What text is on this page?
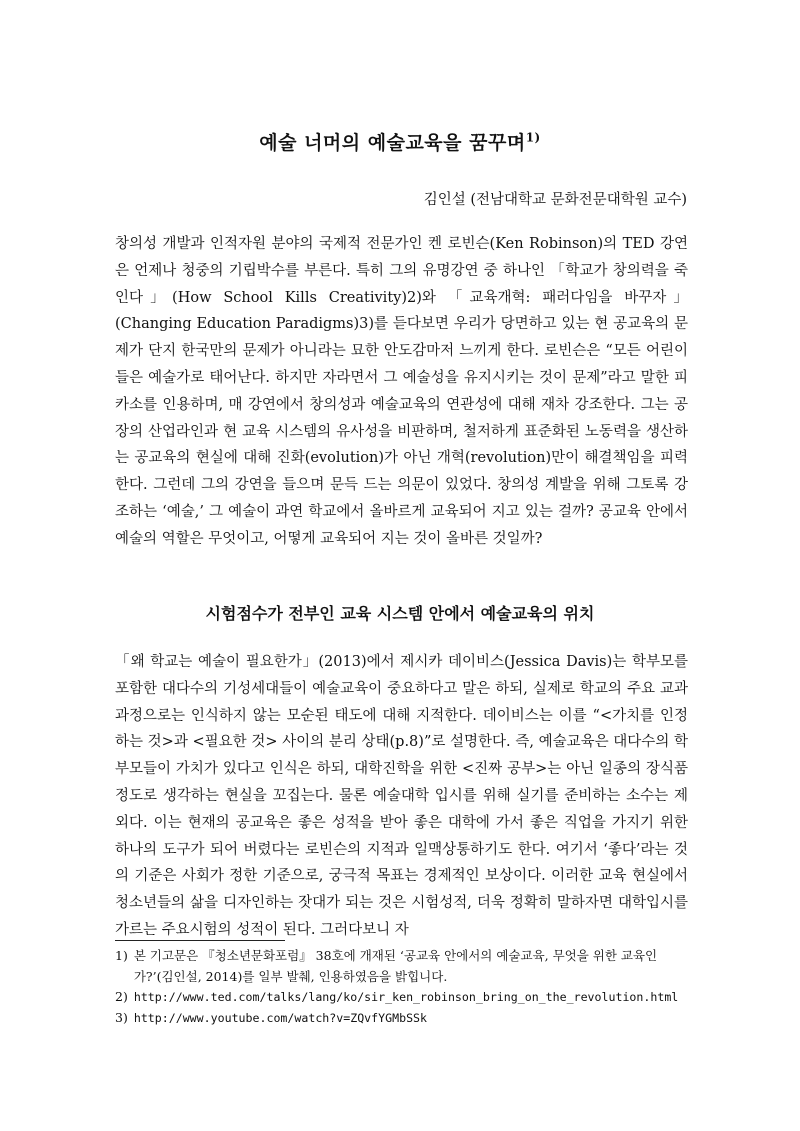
예술 너머의 예술교육을 꿈꾸며$^{1)}$
김인설 (전남대학교 문화전문대학원 교수)

창의성 개발과 인적자원 분야의 국제적 전문가인 켄 로빈슨(Ken Robinson)의 TED 강연은 언제나 청중의 기립박수를 부른다. 특히 그의 유명강연 중 하나인 「학교가 창의력을 죽인다」(How School Kills Creativity)2)와 「교육개혁: 패러다임을 바꾸자」(Changing Education Paradigms)3)를 듣다보면 우리가 당면하고 있는 현 공교육의 문제가 단지 한국만의 문제가 아니라는 묘한 안도감마저 느끼게 한다. 로빈슨은 “모든 어린이들은 예술가로 태어난다. 하지만 자라면서 그 예술성을 유지시키는 것이 문제”라고 말한 피카소를 인용하며, 매 강연에서 창의성과 예술교육의 연관성에 대해 재차 강조한다. 그는 공장의 산업라인과 현 교육 시스템의 유사성을 비판하며, 철저하게 표준화된 노동력을 생산하는 공교육의 현실에 대해 진화(evolution)가 아닌 개혁(revolution)만이 해결책임을 피력한다. 그런데 그의 강연을 들으며 문득 드는 의문이 있었다. 창의성 계발을 위해 그토록 강조하는 ‘예술,’ 그 예술이 과연 학교에서 올바르게 교육되어 지고 있는 걸까? 공교육 안에서 예술의 역할은 무엇이고, 어떻게 교육되어 지는 것이 올바른 것일까?

시험점수가 전부인 교육 시스템 안에서 예술교육의 위치

「왜 학교는 예술이 필요한가」(2013)에서 제시카 데이비스(Jessica Davis)는 학부모를 포함한 대다수의 기성세대들이 예술교육이 중요하다고 말은 하되, 실제로 학교의 주요 교과과정으로는 인식하지 않는 모순된 태도에 대해 지적한다. 데이비스는 이를 “<가치를 인정하는 것>과 <필요한 것> 사이의 분리 상태(p.8)”로 설명한다. 즉, 예술교육은 대다수의 학부모들이 가치가 있다고 인식은 하되, 대학진학을 위한 <진짜 공부>는 아닌 일종의 장식품 정도로 생각하는 현실을 꼬집는다. 물론 예술대학 입시를 위해 실기를 준비하는 소수는 제외다. 이는 현재의 공교육은 좋은 성적을 받아 좋은 대학에 가서 좋은 직업을 가지기 위한 하나의 도구가 되어 버렸다는 로빈슨의 지적과 일맥상통하기도 한다. 여기서 ‘좋다’라는 것의 기준은 사회가 정한 기준으로, 궁극적 목표는 경제적인 보상이다. 이러한 교육 현실에서 청소년들의 삶을 디자인하는 잣대가 되는 것은 시험성적, 더욱 정확히 말하자면 대학입시를 가르는 주요시험의 성적이 된다. 그러다보니 자

1) 본 기고문은 『청소년문화포럼』 38호에 개재된 ‘공교육 안에서의 예술교육, 무엇을 위한 교육인가?’(김인설, 2014)를 일부 발췌, 인용하였음을 밝힙니다.
2) http://www.ted.com/talks/lang/ko/sir_ken_robinson_bring_on_the_revolution.html
3) http://www.youtube.com/watch?v=ZQvfYGMbSSk
